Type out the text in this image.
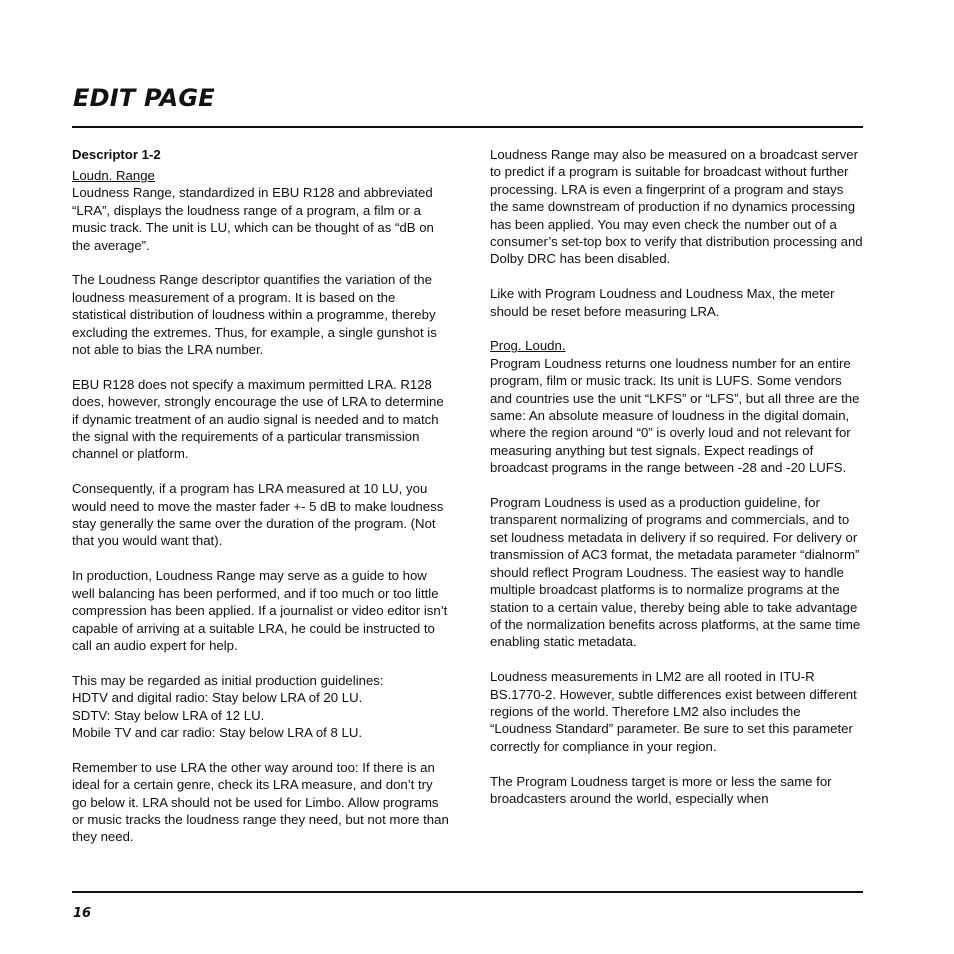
EDIT PAGE
Descriptor 1-2

Loudn. Range
Loudness Range, standardized in EBU R128 and abbreviated “LRA”, displays the loudness range of a program, a film or a music track. The unit is LU, which can be thought of as “dB on the average”.

The Loudness Range descriptor quantifies the variation of the loudness measurement of a program. It is based on the statistical distribution of loudness within a programme, thereby excluding the extremes. Thus, for example, a single gunshot is not able to bias the LRA number.

EBU R128 does not specify a maximum permitted LRA. R128 does, however, strongly encourage the use of LRA to determine if dynamic treatment of an audio signal is needed and to match the signal with the requirements of a particular transmission channel or platform.

Consequently, if a program has LRA measured at 10 LU, you would need to move the master fader +- 5 dB to make loudness stay generally the same over the duration of the program. (Not that you would want that).

In production, Loudness Range may serve as a guide to how well balancing has been performed, and if too much or too little compression has been applied. If a journalist or video editor isn’t capable of arriving at a suitable LRA, he could be instructed to call an audio expert for help.

This may be regarded as initial production guidelines:

HDTV and digital radio: Stay below LRA of 20 LU.

SDTV: Stay below LRA of 12 LU.

Mobile TV and car radio: Stay below LRA of 8 LU.

Remember to use LRA the other way around too: If there is an ideal for a certain genre, check its LRA measure, and don’t try go below it. LRA should not be used for Limbo. Allow programs or music tracks the loudness range they need, but not more than they need.

Loudness Range may also be measured on a broadcast server to predict if a program is suitable for broadcast without further processing. LRA is even a fingerprint of a program and stays the same downstream of production if no dynamics processing has been applied. You may even check the number out of a consumer’s set-top box to verify that distribution processing and Dolby DRC has been disabled.

Like with Program Loudness and Loudness Max, the meter should be reset before measuring LRA.

Prog. Loudn.
Program Loudness returns one loudness number for an entire program, film or music track. Its unit is LUFS. Some vendors and countries use the unit “LKFS” or “LFS”, but all three are the same: An absolute measure of loudness in the digital domain, where the region around “0” is overly loud and not relevant for measuring anything but test signals. Expect readings of broadcast programs in the range between -28 and -20 LUFS.

Program Loudness is used as a production guideline, for transparent normalizing of programs and commercials, and to set loudness metadata in delivery if so required. For delivery or transmission of AC3 format, the metadata parameter “dialnorm” should reflect Program Loudness. The easiest way to handle multiple broadcast platforms is to normalize programs at the station to a certain value, thereby being able to take advantage of the normalization benefits across platforms, at the same time enabling static metadata.

Loudness measurements in LM2 are all rooted in ITU-R BS.1770-2. However, subtle differences exist between different regions of the world. Therefore LM2 also includes the “Loudness Standard” parameter. Be sure to set this parameter correctly for compliance in your region.

The Program Loudness target is more or less the same for broadcasters around the world, especially when

16
